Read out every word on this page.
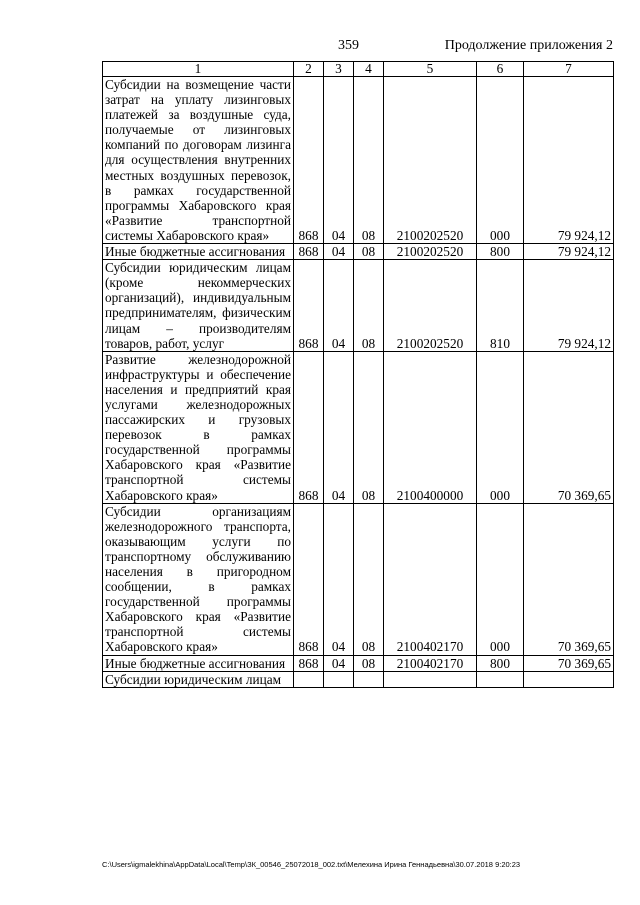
359	Продолжение приложения 2
1	2	3	4	5	6	7
Субсидии на возмещение части затрат на уплату лизинговых платежей за воздушные суда, получаемые от лизинговых компаний по договорам лизинга для осуществления внутренних местных воздушных перевозок, в рамках государственной программы Хабаровского края «Развитие транспортной системы Хабаровского края»	868	04	08	2100202520	000	79 924,12
Иные бюджетные ассигнования	868	04	08	2100202520	800	79 924,12
Субсидии юридическим лицам (кроме некоммерческих организаций), индивидуальным предпринимателям, физическим лицам – производителям товаров, работ, услуг	868	04	08	2100202520	810	79 924,12
Развитие железнодорожной инфраструктуры и обеспечение населения и предприятий края услугами железнодорожных пассажирских и грузовых перевозок в рамках государственной программы Хабаровского края «Развитие транспортной системы Хабаровского края»	868	04	08	2100400000	000	70 369,65
Субсидии организациям железнодорожного транспорта, оказывающим услуги по транспортному обслуживанию населения в пригородном сообщении, в рамках государственной программы Хабаровского края «Развитие транспортной системы Хабаровского края»	868	04	08	2100402170	000	70 369,65
Иные бюджетные ассигнования	868	04	08	2100402170	800	70 369,65
Субсидии юридическим лицам						
C:\Users\igmalekhina\AppData\Local\Temp\ЗК_00546_25072018_002.txt\Мелехина Ирина Геннадьевна\30.07.2018 9:20:23
